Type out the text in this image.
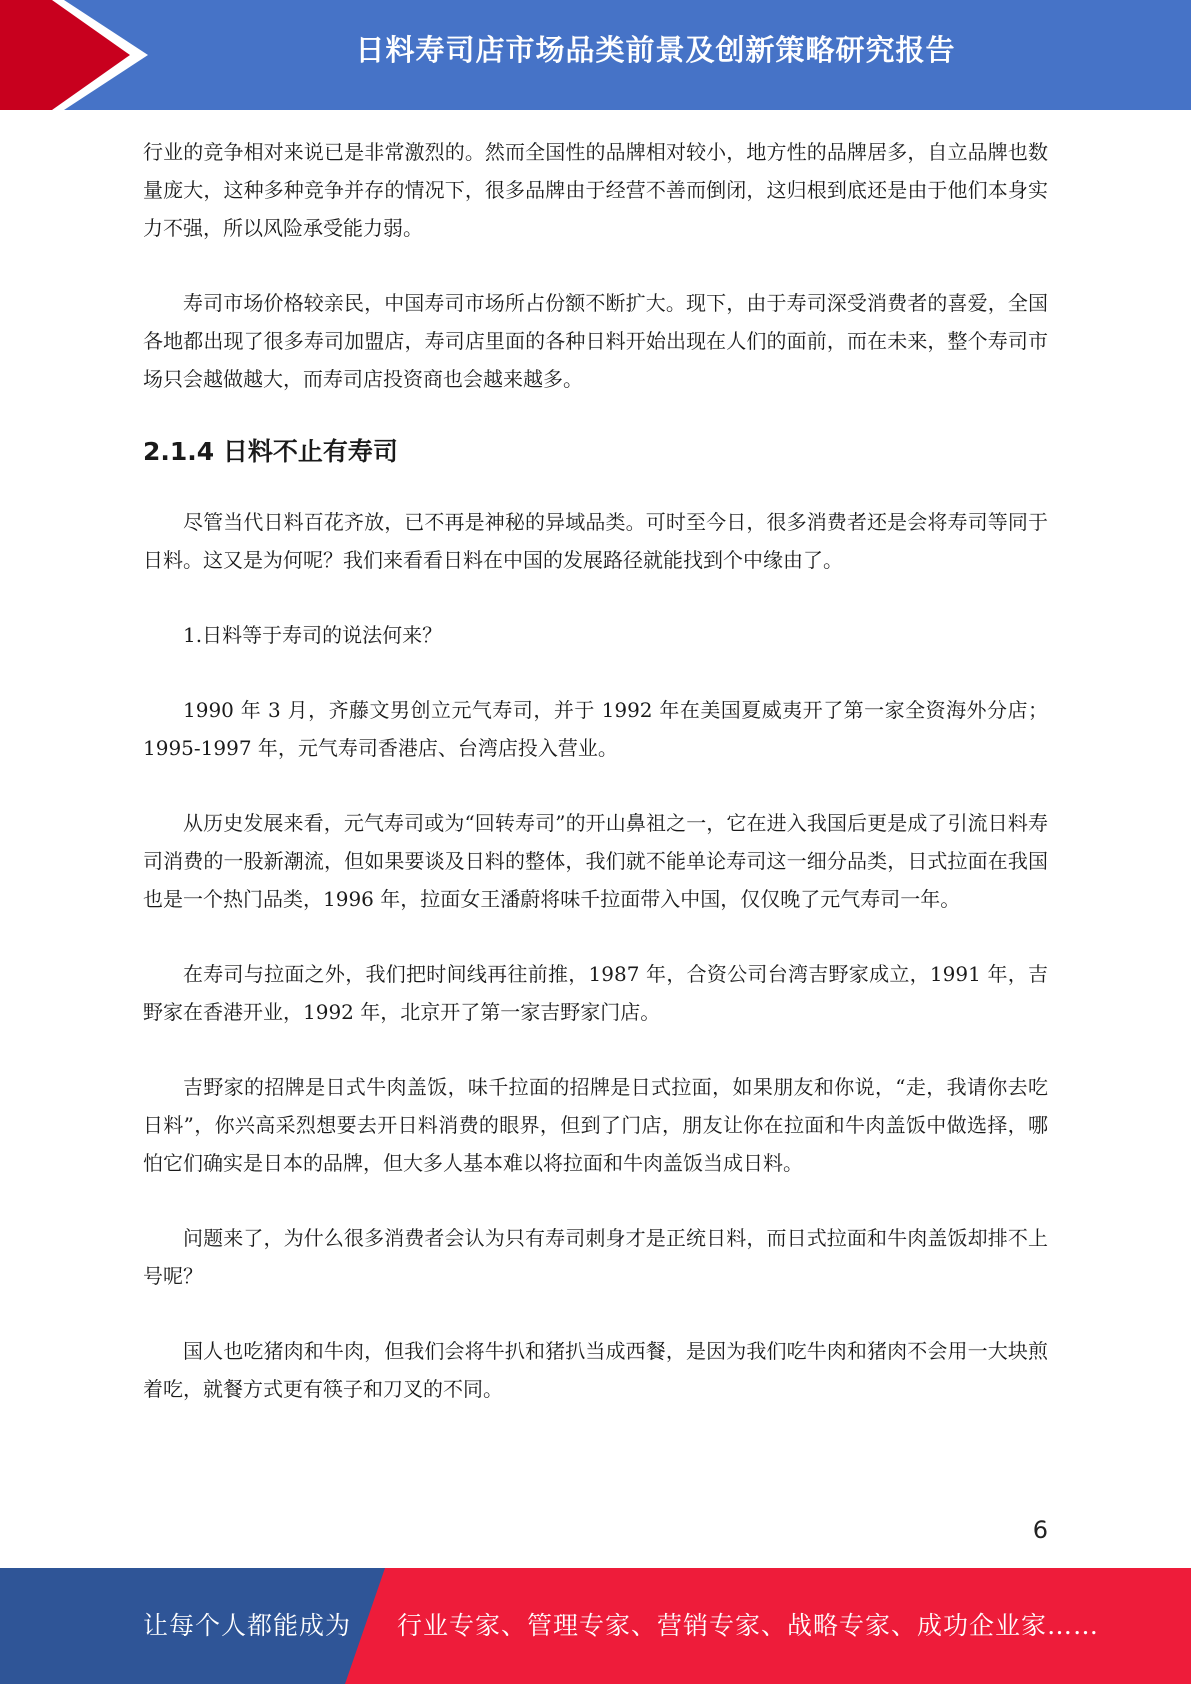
日料寿司店市场品类前景及创新策略研究报告

行业的竞争相对来说已是非常激烈的。然而全国性的品牌相对较小，地方性的品牌居多，自立品牌也数量庞大，这种多种竞争并存的情况下，很多品牌由于经营不善而倒闭，这归根到底还是由于他们本身实力不强，所以风险承受能力弱。

寿司市场价格较亲民，中国寿司市场所占份额不断扩大。现下，由于寿司深受消费者的喜爱，全国各地都出现了很多寿司加盟店，寿司店里面的各种日料开始出现在人们的面前，而在未来，整个寿司市场只会越做越大，而寿司店投资商也会越来越多。

2.1.4 日料不止有寿司

尽管当代日料百花齐放，已不再是神秘的异域品类。可时至今日，很多消费者还是会将寿司等同于日料。这又是为何呢？我们来看看日料在中国的发展路径就能找到个中缘由了。

1.日料等于寿司的说法何来？

1990 年 3 月，齐藤文男创立元气寿司，并于 1992 年在美国夏威夷开了第一家全资海外分店；1995-1997 年，元气寿司香港店、台湾店投入营业。

从历史发展来看，元气寿司或为“回转寿司”的开山鼻祖之一，它在进入我国后更是成了引流日料寿司消费的一股新潮流，但如果要谈及日料的整体，我们就不能单论寿司这一细分品类，日式拉面在我国也是一个热门品类，1996 年，拉面女王潘蔚将味千拉面带入中国，仅仅晚了元气寿司一年。

在寿司与拉面之外，我们把时间线再往前推，1987 年，合资公司台湾吉野家成立，1991 年，吉野家在香港开业，1992 年，北京开了第一家吉野家门店。

吉野家的招牌是日式牛肉盖饭，味千拉面的招牌是日式拉面，如果朋友和你说，“走，我请你去吃日料”，你兴高采烈想要去开日料消费的眼界，但到了门店，朋友让你在拉面和牛肉盖饭中做选择，哪怕它们确实是日本的品牌，但大多人基本难以将拉面和牛肉盖饭当成日料。

问题来了，为什么很多消费者会认为只有寿司刺身才是正统日料，而日式拉面和牛肉盖饭却排不上号呢？

国人也吃猪肉和牛肉，但我们会将牛扒和猪扒当成西餐，是因为我们吃牛肉和猪肉不会用一大块煎着吃，就餐方式更有筷子和刀叉的不同。

6
让每个人都能成为 行业专家、管理专家、营销专家、战略专家、成功企业家……
